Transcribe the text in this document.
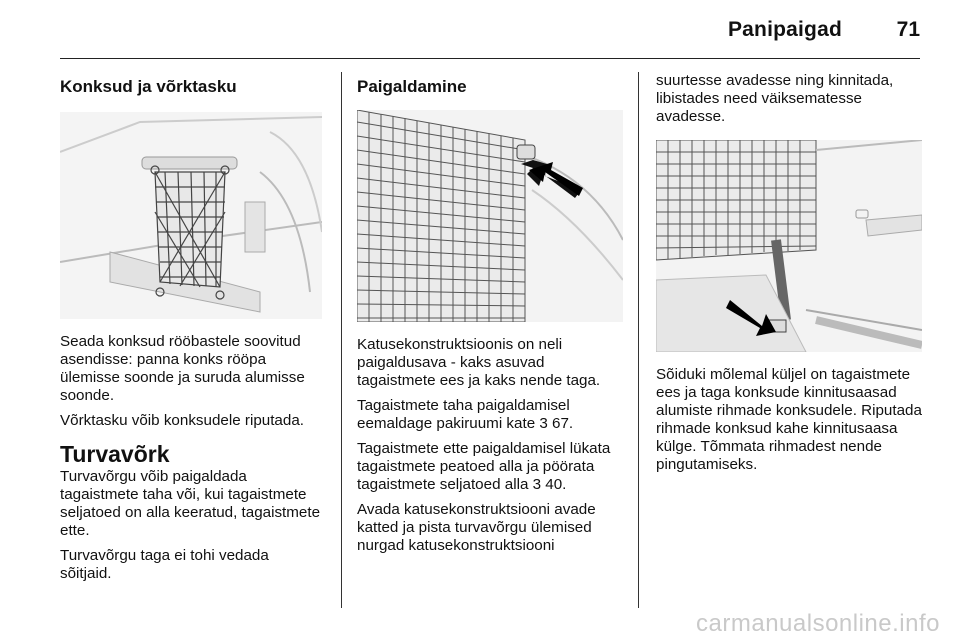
Panipaigad	71
Konksud ja võrktasku

Seada konksud rööbastele soovitud asendisse: panna konks rööpa ülemisse soonde ja suruda alumisse soonde.

Võrktasku võib konksudele riputada.

Turvavõrk

Turvavõrgu võib paigaldada tagaistmete taha või, kui tagaistmete seljatoed on alla keeratud, tagaistmete ette.

Turvavõrgu taga ei tohi vedada sõitjaid.

Paigaldamine

Katusekonstruktsioonis on neli paigaldusava - kaks asuvad tagaistmete ees ja kaks nende taga.

Tagaistmete taha paigaldamisel eemaldage pakiruumi kate 3 67.

Tagaistmete ette paigaldamisel lükata tagaistmete peatoed alla ja pöörata tagaistmete seljatoed alla 3 40.

Avada katusekonstruktsiooni avade katted ja pista turvavõrgu ülemised nurgad katusekonstruktsiooni

suurtesse avadesse ning kinnitada, libistades need väiksematesse avadesse.

Sõiduki mõlemal küljel on tagaistmete ees ja taga konksude kinnitusaasad alumiste rihmade konksudele. Riputada rihmade konksud kahe kinnitusaasa külge. Tõmmata rihmadest nende pingutamiseks.

carmanualsonline.info
